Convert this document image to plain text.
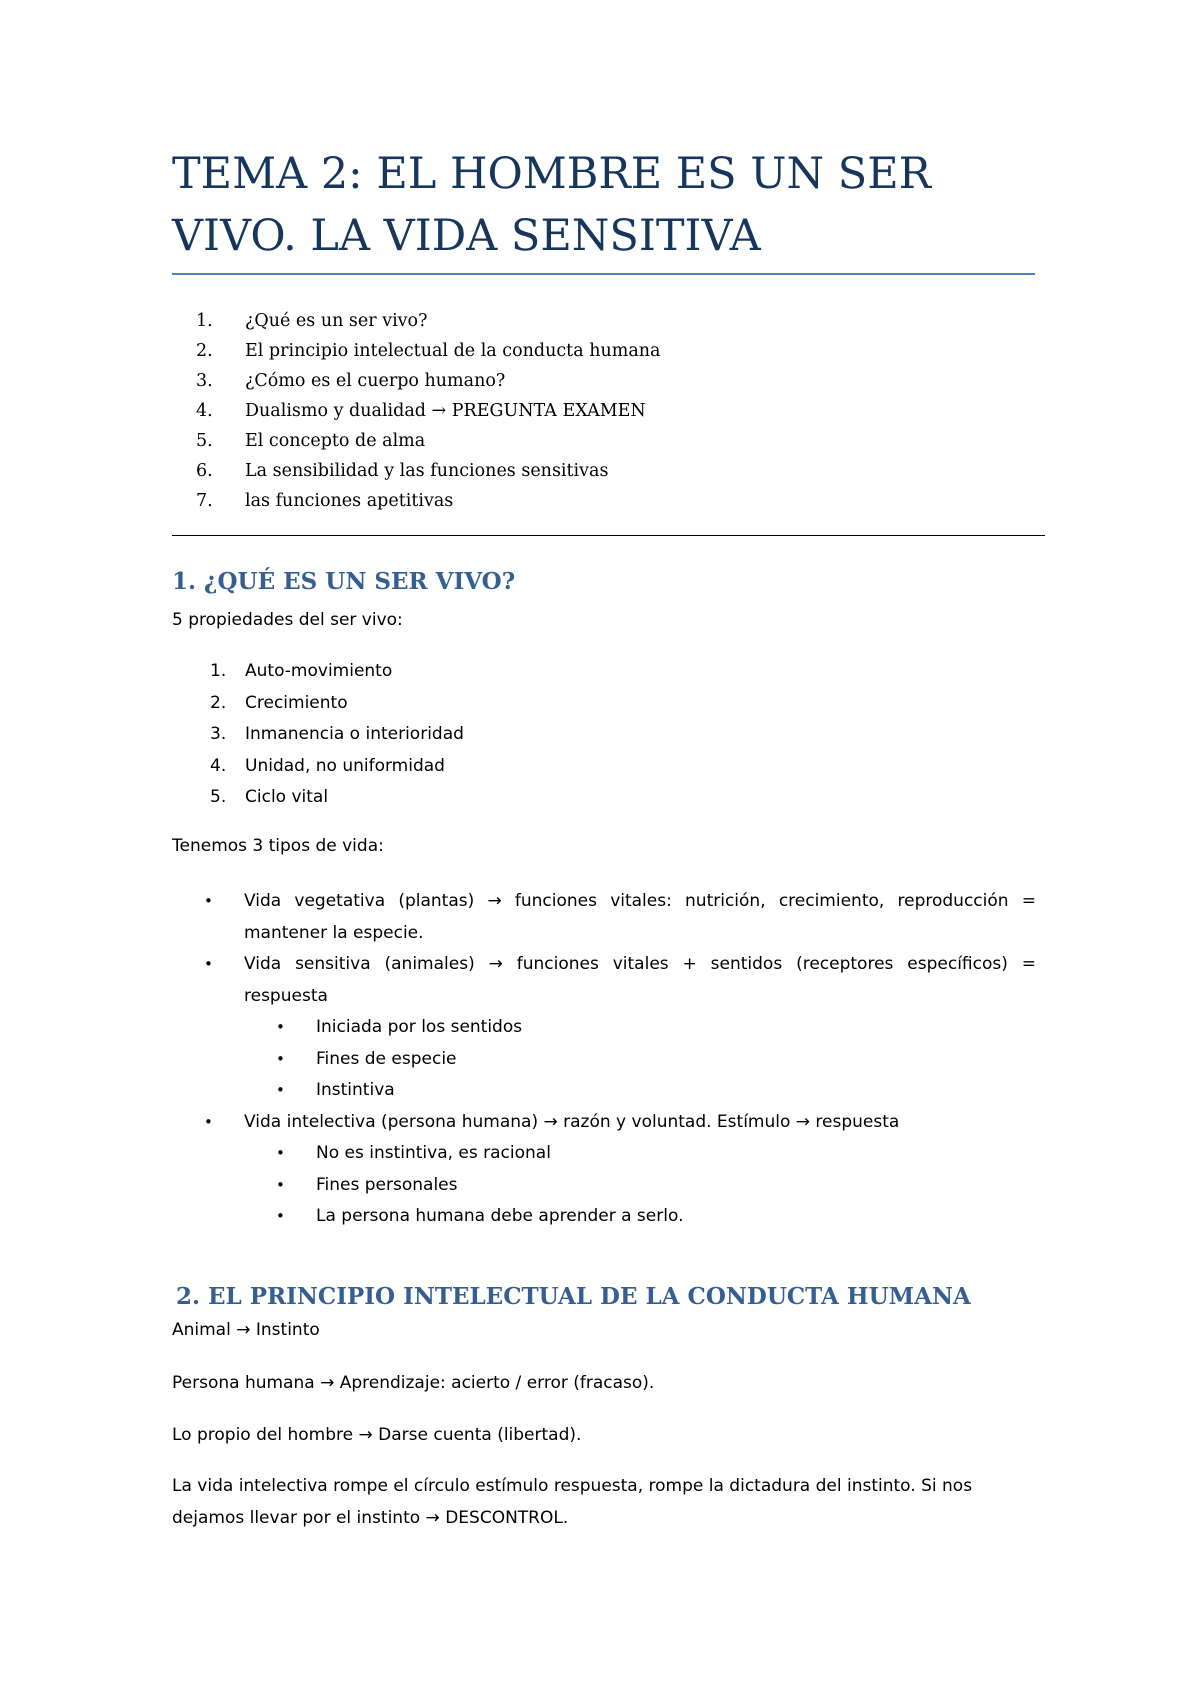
TEMA 2: EL HOMBRE ES UN SER VIVO. LA VIDA SENSITIVA
1. ¿Qué es un ser vivo?
2. El principio intelectual de la conducta humana
3. ¿Cómo es el cuerpo humano?
4. Dualismo y dualidad → PREGUNTA EXAMEN
5. El concepto de alma
6. La sensibilidad y las funciones sensitivas
7. las funciones apetitivas
1. ¿QUÉ ES UN SER VIVO?

5 propiedades del ser vivo:

1. Auto-movimiento
2. Crecimiento
3. Inmanencia o interioridad
4. Unidad, no uniformidad
5. Ciclo vital

Tenemos 3 tipos de vida:

• Vida vegetativa (plantas) → funciones vitales: nutrición, crecimiento, reproducción = mantener la especie.
• Vida sensitiva (animales) → funciones vitales + sentidos (receptores específicos) = respuesta
• Iniciada por los sentidos
• Fines de especie
• Instintiva
• Vida intelectiva (persona humana) → razón y voluntad. Estímulo → respuesta
• No es instintiva, es racional
• Fines personales
• La persona humana debe aprender a serlo.
2. EL PRINCIPIO INTELECTUAL DE LA CONDUCTA HUMANA

Animal → Instinto

Persona humana → Aprendizaje: acierto / error (fracaso).

Lo propio del hombre → Darse cuenta (libertad).

La vida intelectiva rompe el círculo estímulo respuesta, rompe la dictadura del instinto. Si nos

dejamos llevar por el instinto → DESCONTROL.
